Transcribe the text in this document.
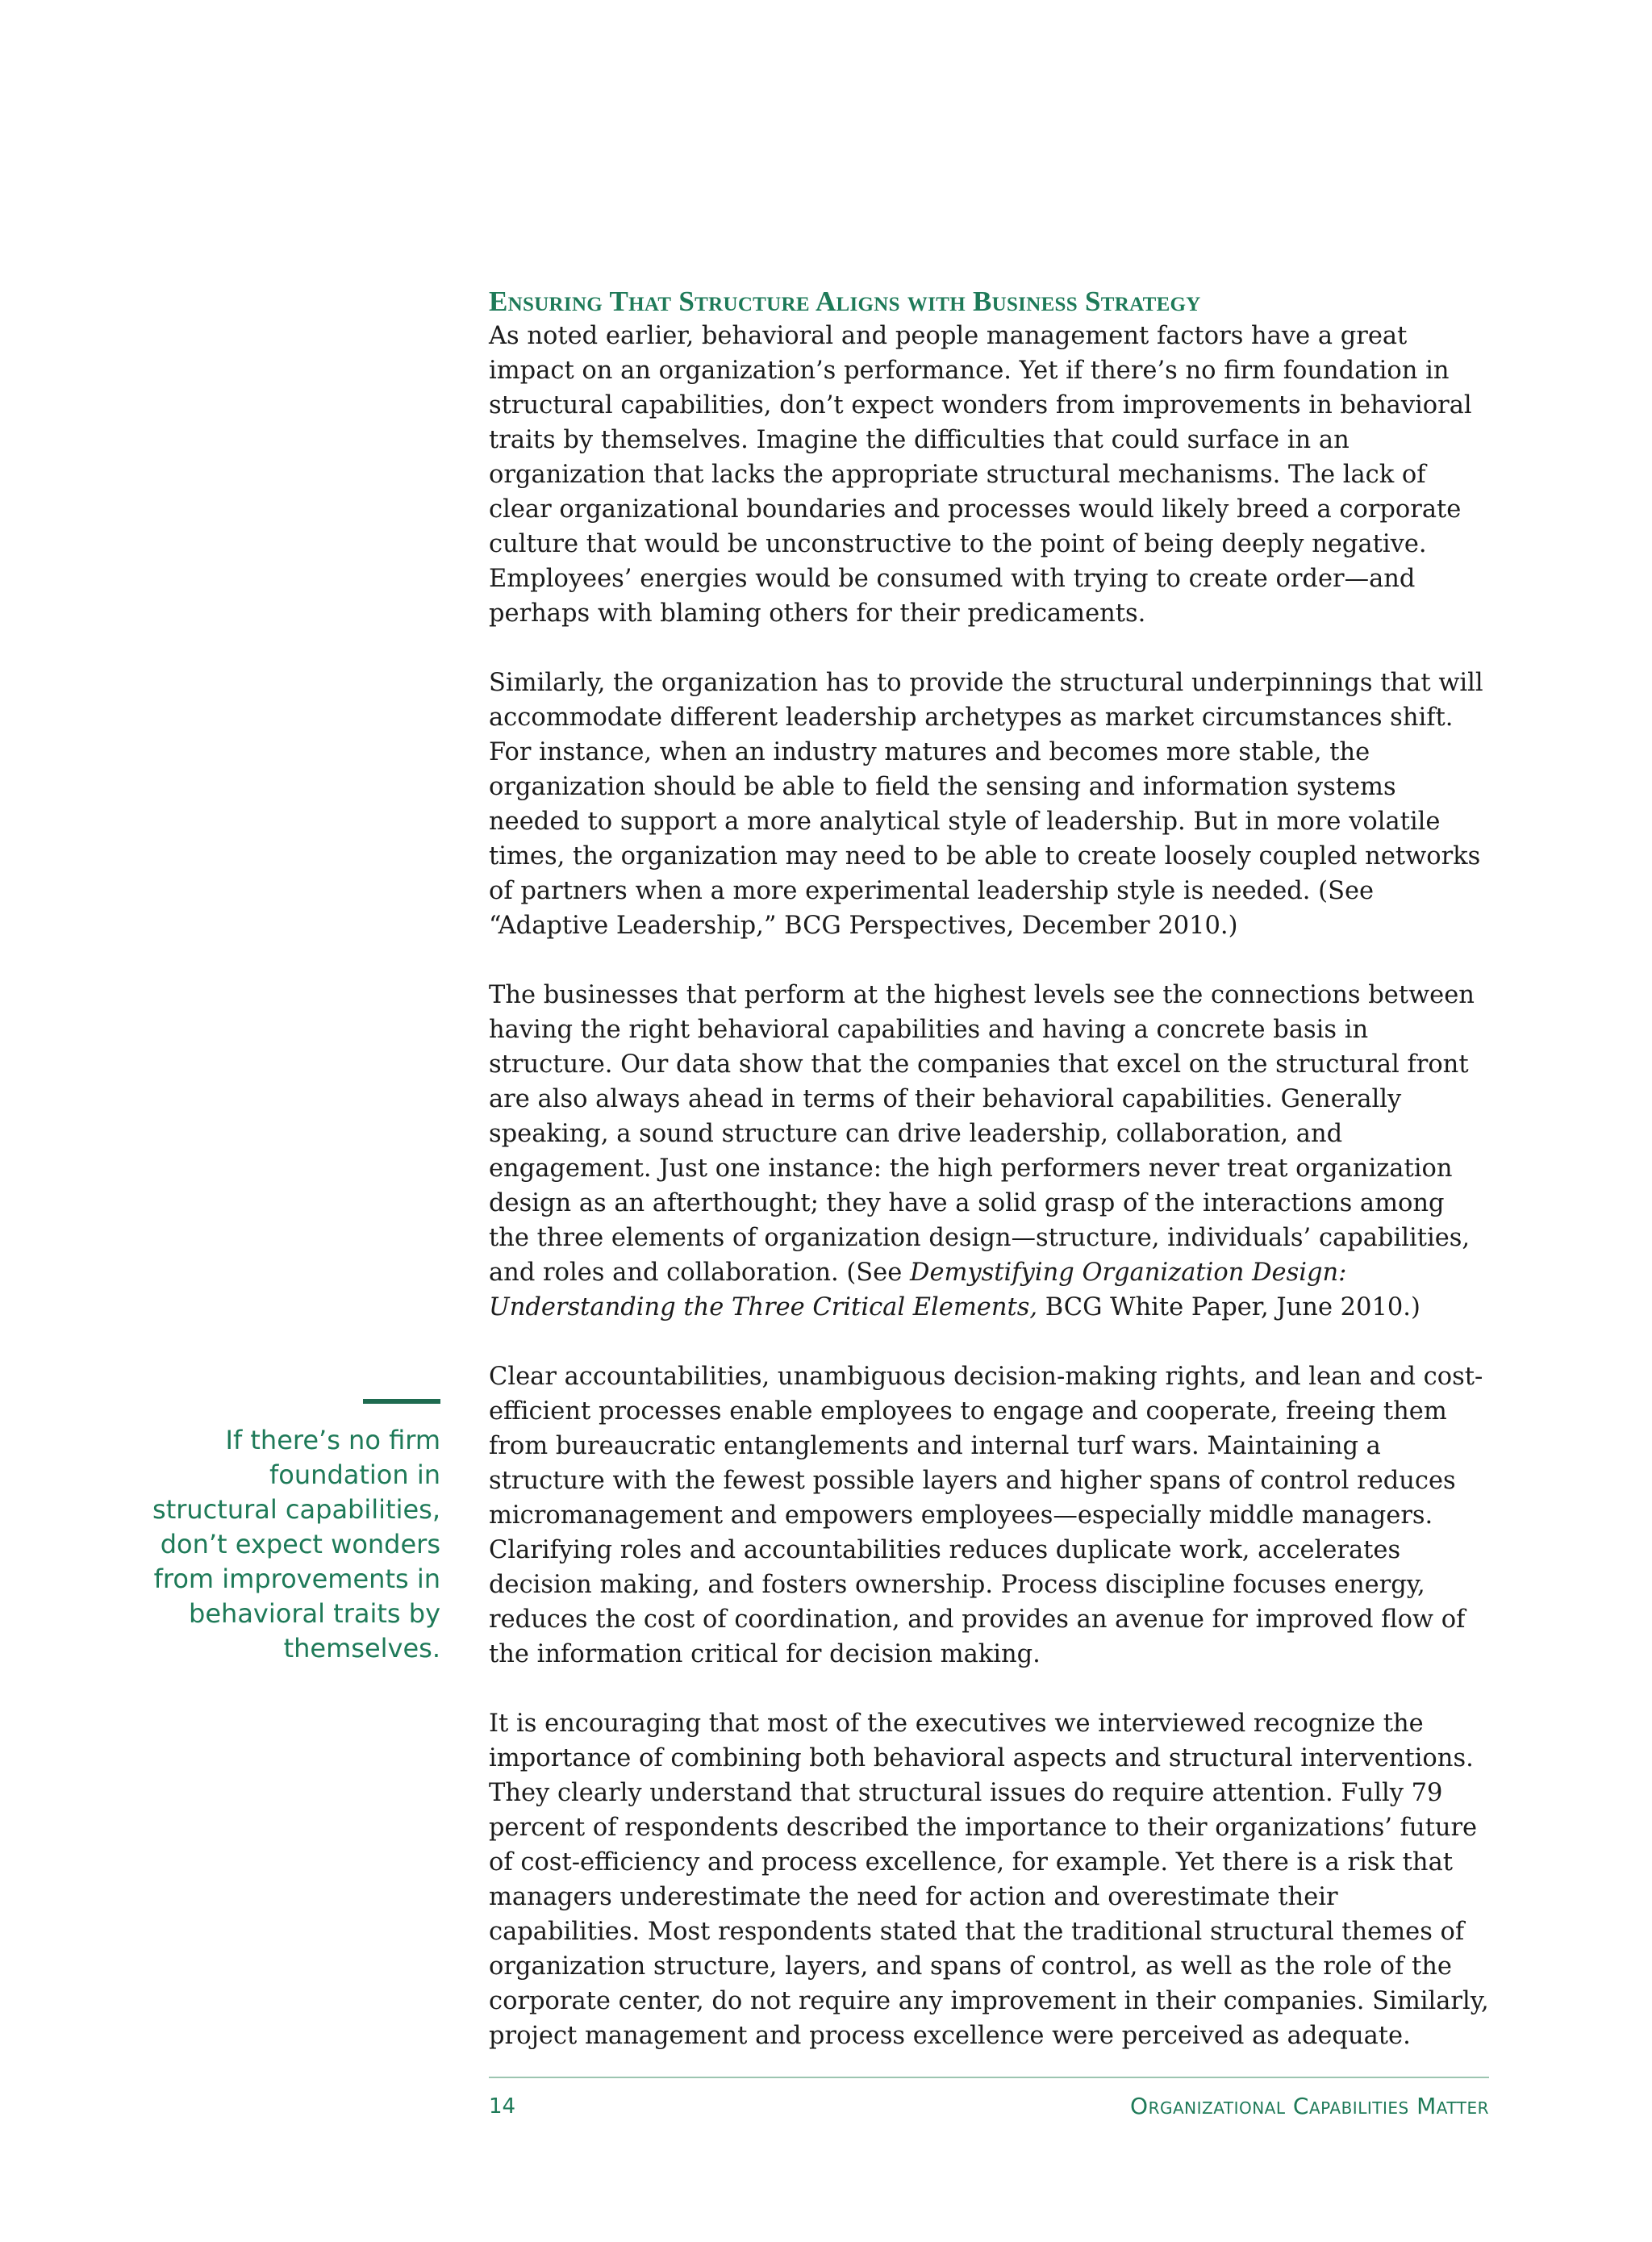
Ensuring That Structure Aligns with Business Strategy

As noted earlier, behavioral and people management factors have a great impact on an organization’s performance. Yet if there’s no firm foundation in structural capabilities, don’t expect wonders from improvements in behavioral traits by themselves. Imagine the difficulties that could surface in an organization that lacks the appropriate structural mechanisms. The lack of clear organizational boundaries and processes would likely breed a corporate culture that would be unconstructive to the point of being deeply negative. Employees’ energies would be consumed with trying to create order—and perhaps with blaming others for their predicaments.

Similarly, the organization has to provide the structural underpinnings that will accommodate different leadership archetypes as market circumstances shift. For instance, when an industry matures and becomes more stable, the organization should be able to field the sensing and information systems needed to support a more analytical style of leadership. But in more volatile times, the organization may need to be able to create loosely coupled networks of partners when a more experimental leadership style is needed. (See “Adaptive Leadership,” BCG Perspectives, December 2010.)

The businesses that perform at the highest levels see the connections between having the right behavioral capabilities and having a concrete basis in structure. Our data show that the companies that excel on the structural front are also always ahead in terms of their behavioral capabilities. Generally speaking, a sound structure can drive leadership, collaboration, and engagement. Just one instance: the high performers never treat organization design as an afterthought; they have a solid grasp of the interactions among the three elements of organization design—structure, individuals’ capabilities, and roles and collaboration. (See Demystifying Organization Design: Understanding the Three Critical Elements, BCG White Paper, June 2010.)

Clear accountabilities, unambiguous decision-making rights, and lean and cost-efficient processes enable employees to engage and cooperate, freeing them from bureaucratic entanglements and internal turf wars. Maintaining a structure with the fewest possible layers and higher spans of control reduces micromanagement and empowers employees—especially middle managers. Clarifying roles and accountabilities reduces duplicate work, accelerates decision making, and fosters ownership. Process discipline focuses energy, reduces the cost of coordination, and provides an avenue for improved flow of the information critical for decision making.

It is encouraging that most of the executives we interviewed recognize the importance of combining both behavioral aspects and structural interventions. They clearly understand that structural issues do require attention. Fully 79 percent of respondents described the importance to their organizations’ future of cost-efficiency and process excellence, for example. Yet there is a risk that managers underestimate the need for action and overestimate their capabilities. Most respondents stated that the traditional structural themes of organization structure, layers, and spans of control, as well as the role of the corporate center, do not require any improvement in their companies. Similarly, project management and process excellence were perceived as adequate.

If there’s no firm foundation in structural capabilities, don’t expect wonders from improvements in behavioral traits by themselves.
14	Organizational Capabilities Matter
